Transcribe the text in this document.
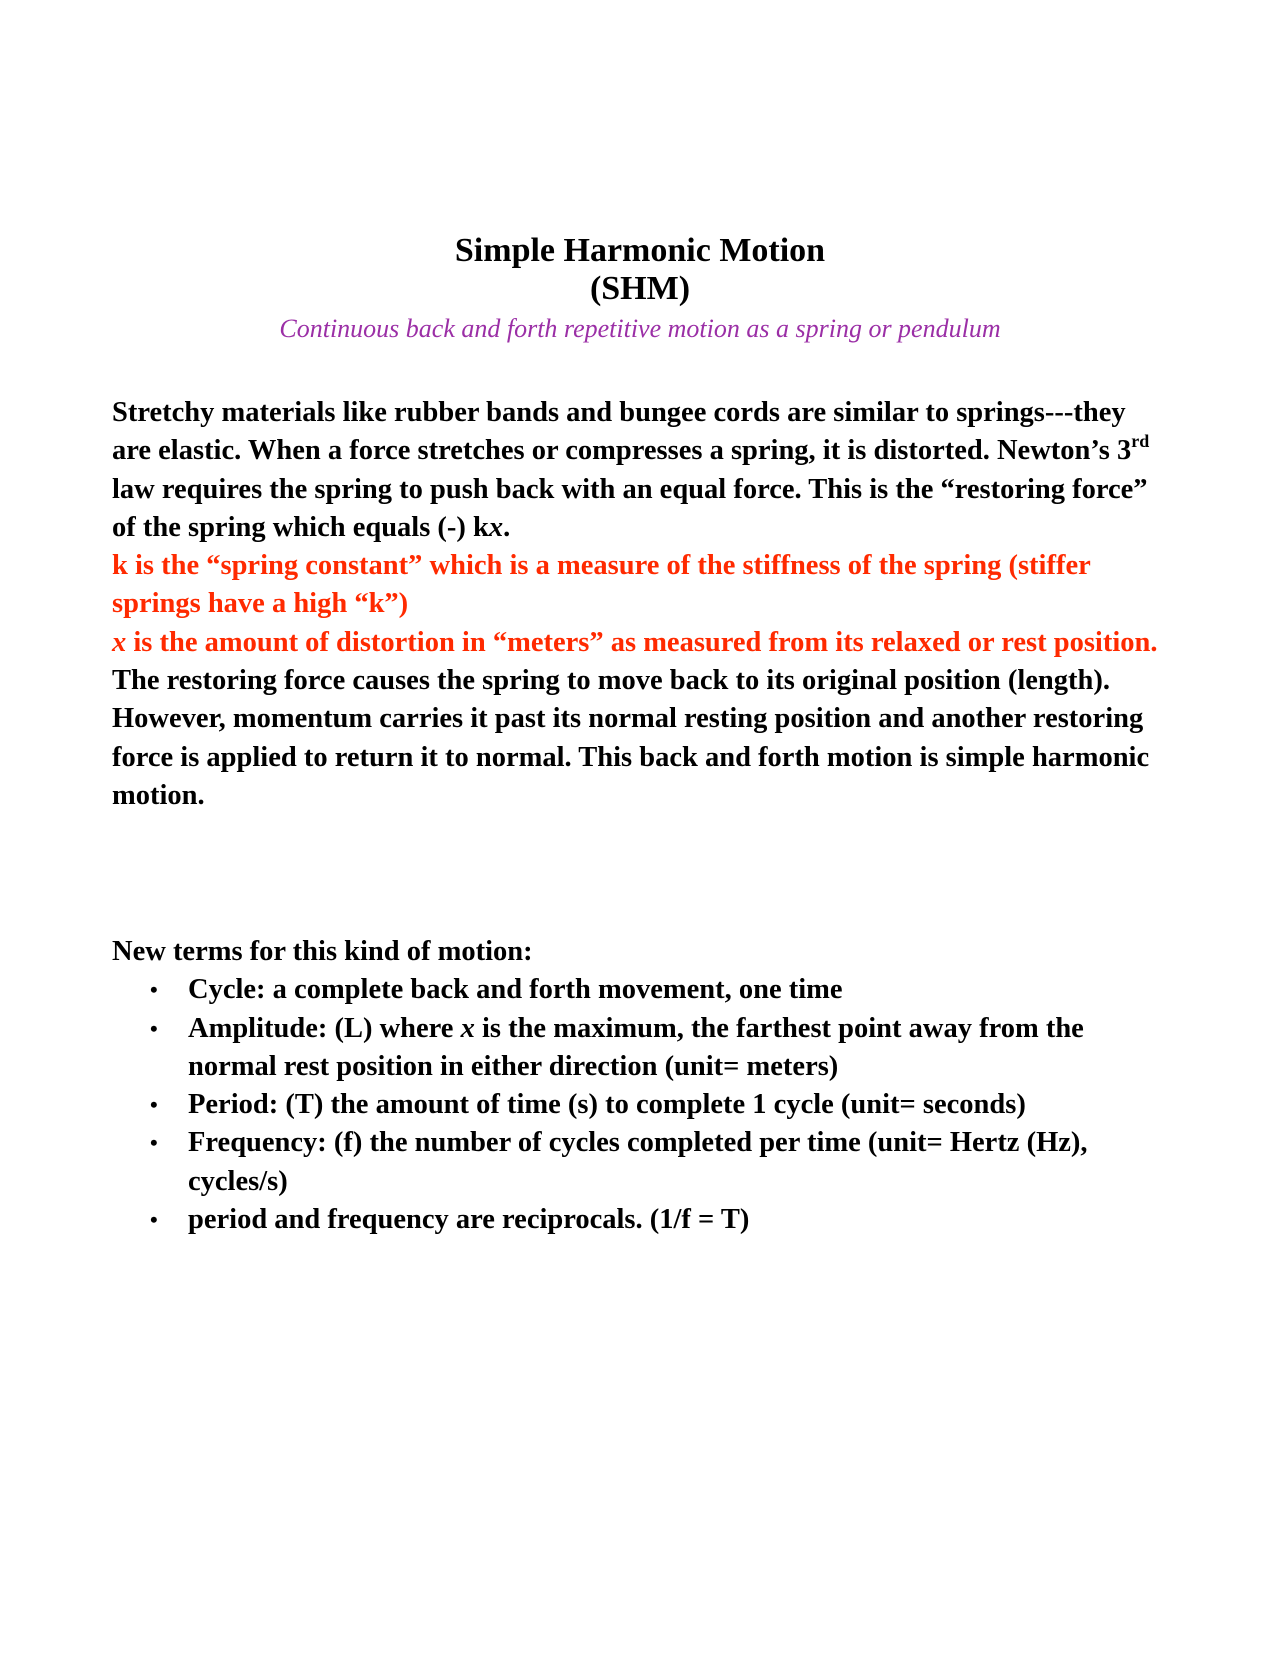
Simple Harmonic Motion

(SHM)

Continuous back and forth repetitive motion as a spring or pendulum

Stretchy materials like rubber bands and bungee cords are similar to springs---they are elastic. When a force stretches or compresses a spring, it is distorted. Newton’s 3rd law requires the spring to push back with an equal force. This is the “restoring force” of the spring which equals (-) kx.

k is the “spring constant” which is a measure of the stiffness of the spring (stiffer springs have a high “k”)

x is the amount of distortion in “meters” as measured from its relaxed or rest position.

The restoring force causes the spring to move back to its original position (length). However, momentum carries it past its normal resting position and another restoring force is applied to return it to normal. This back and forth motion is simple harmonic motion.

New terms for this kind of motion:

• Cycle: a complete back and forth movement, one time
• Amplitude: (L) where x is the maximum, the farthest point away from the normal rest position in either direction (unit= meters)
• Period: (T) the amount of time (s) to complete 1 cycle (unit= seconds)
• Frequency: (f) the number of cycles completed per time (unit= Hertz (Hz), cycles/s)
• period and frequency are reciprocals. (1/f = T)
